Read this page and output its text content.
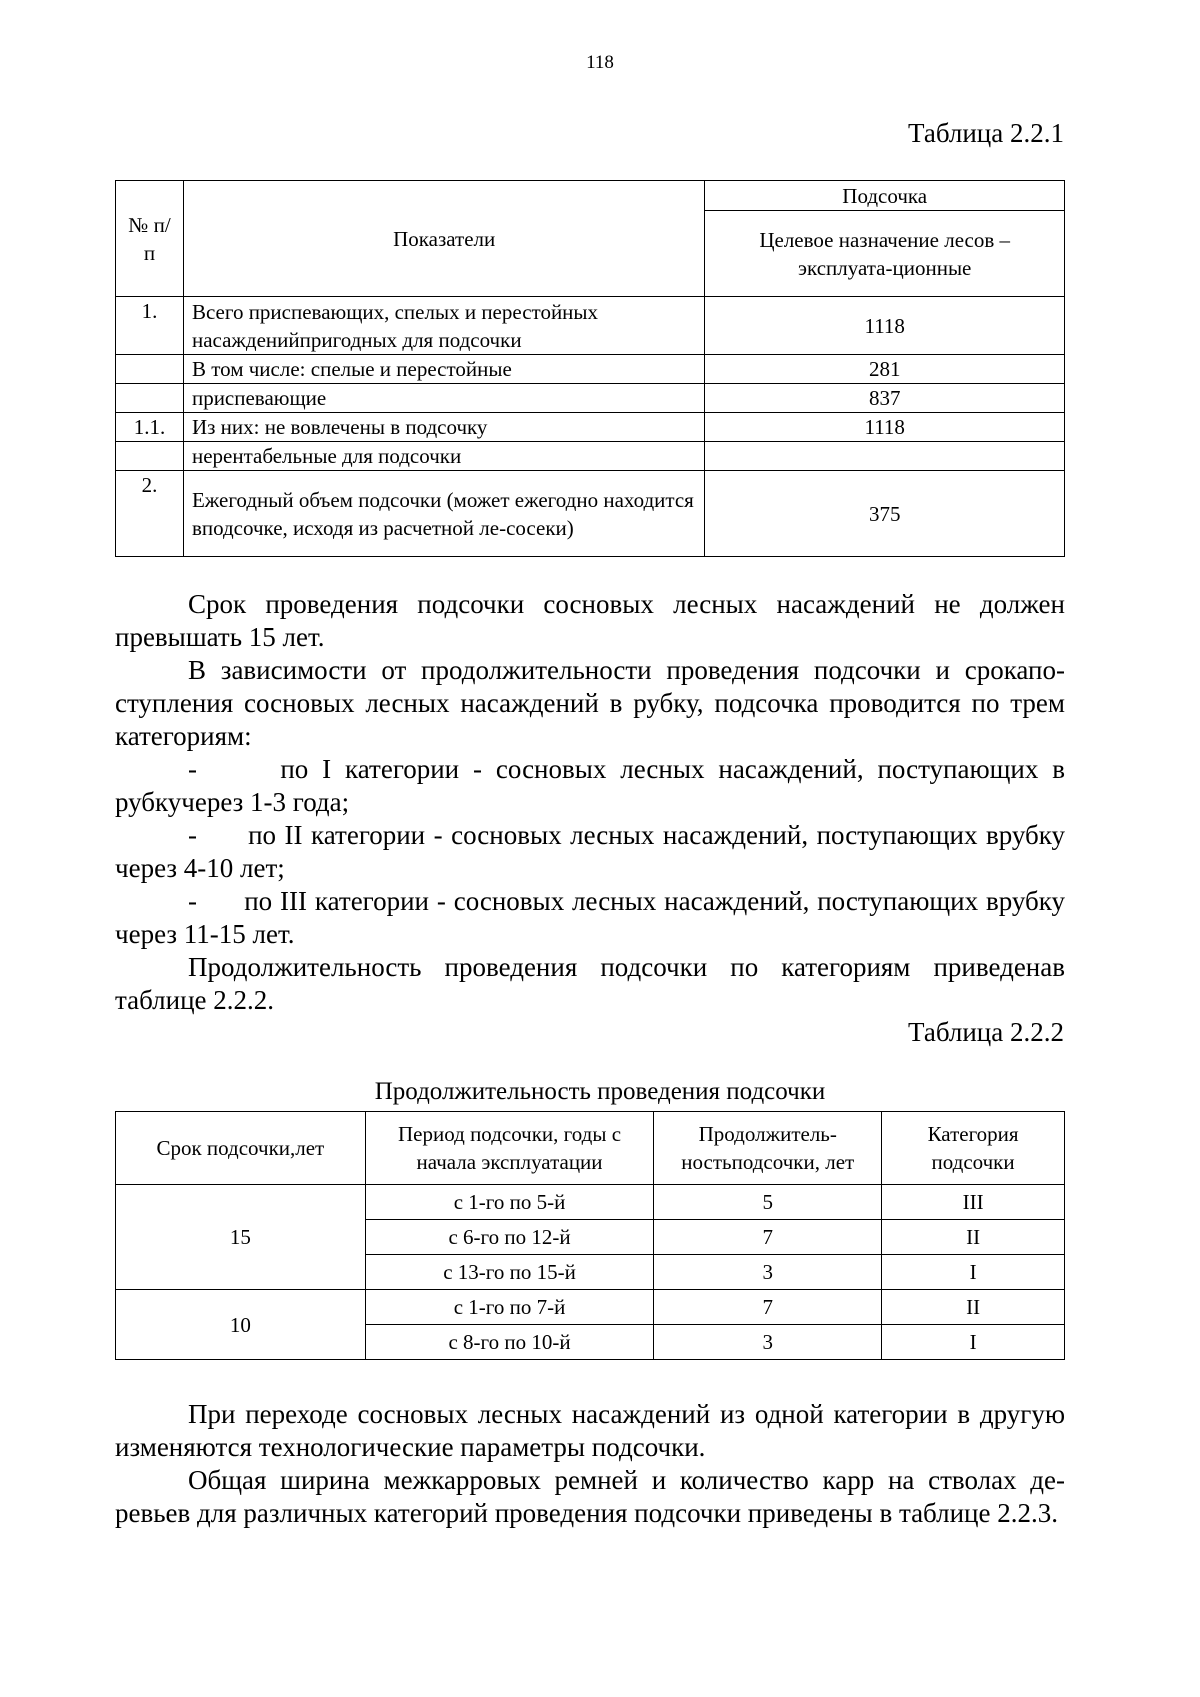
118
Таблица 2.2.1
№ п/п	Показатели	Подсочка
		Целевое назначение лесов – эксплуата-ционные
1.	Всего приспевающих, спелых и перестойных насажденийпригодных для подсочки	1118
	В том числе: спелые и перестойные	281
	приспевающие	837
1.1.	Из них: не вовлечены в подсочку	1118
	нерентабельные для подсочки	
2.	Ежегодный объем подсочки (может ежегодно находится вподсочке, исходя из расчетной ле-сосеки)	375

Срок проведения подсочки сосновых лесных насаждений не должен превышать 15 лет.

В зависимости от продолжительности проведения подсочки и срокапо-ступления сосновых лесных насаждений в рубку, подсочка проводится по трем категориям:

-      по I категории - сосновых лесных насаждений, поступающих в рубкучерез 1-3 года;

-      по II категории - сосновых лесных насаждений, поступающих врубку через 4-10 лет;

-      по III категории - сосновых лесных насаждений, поступающих врубку через 11-15 лет.

Продолжительность проведения подсочки по категориям приведенав таблице 2.2.2.

Таблица 2.2.2
Продолжительность проведения подсочки
Срок подсочки,лет	Период подсочки, годы с начала эксплуатации	Продолжитель-ностьподсочки, лет	Категория подсочки
15	с 1-го по 5-й	5	III
	с 6-го по 12-й	7	II
	с 13-го по 15-й	3	I
10	с 1-го по 7-й	7	II
	с 8-го по 10-й	3	I

При переходе сосновых лесных насаждений из одной категории в другую изменяются технологические параметры подсочки.

Общая ширина межкарровых ремней и количество карр на стволах де-ревьев для различных категорий проведения подсочки приведены в таблице 2.2.3.
